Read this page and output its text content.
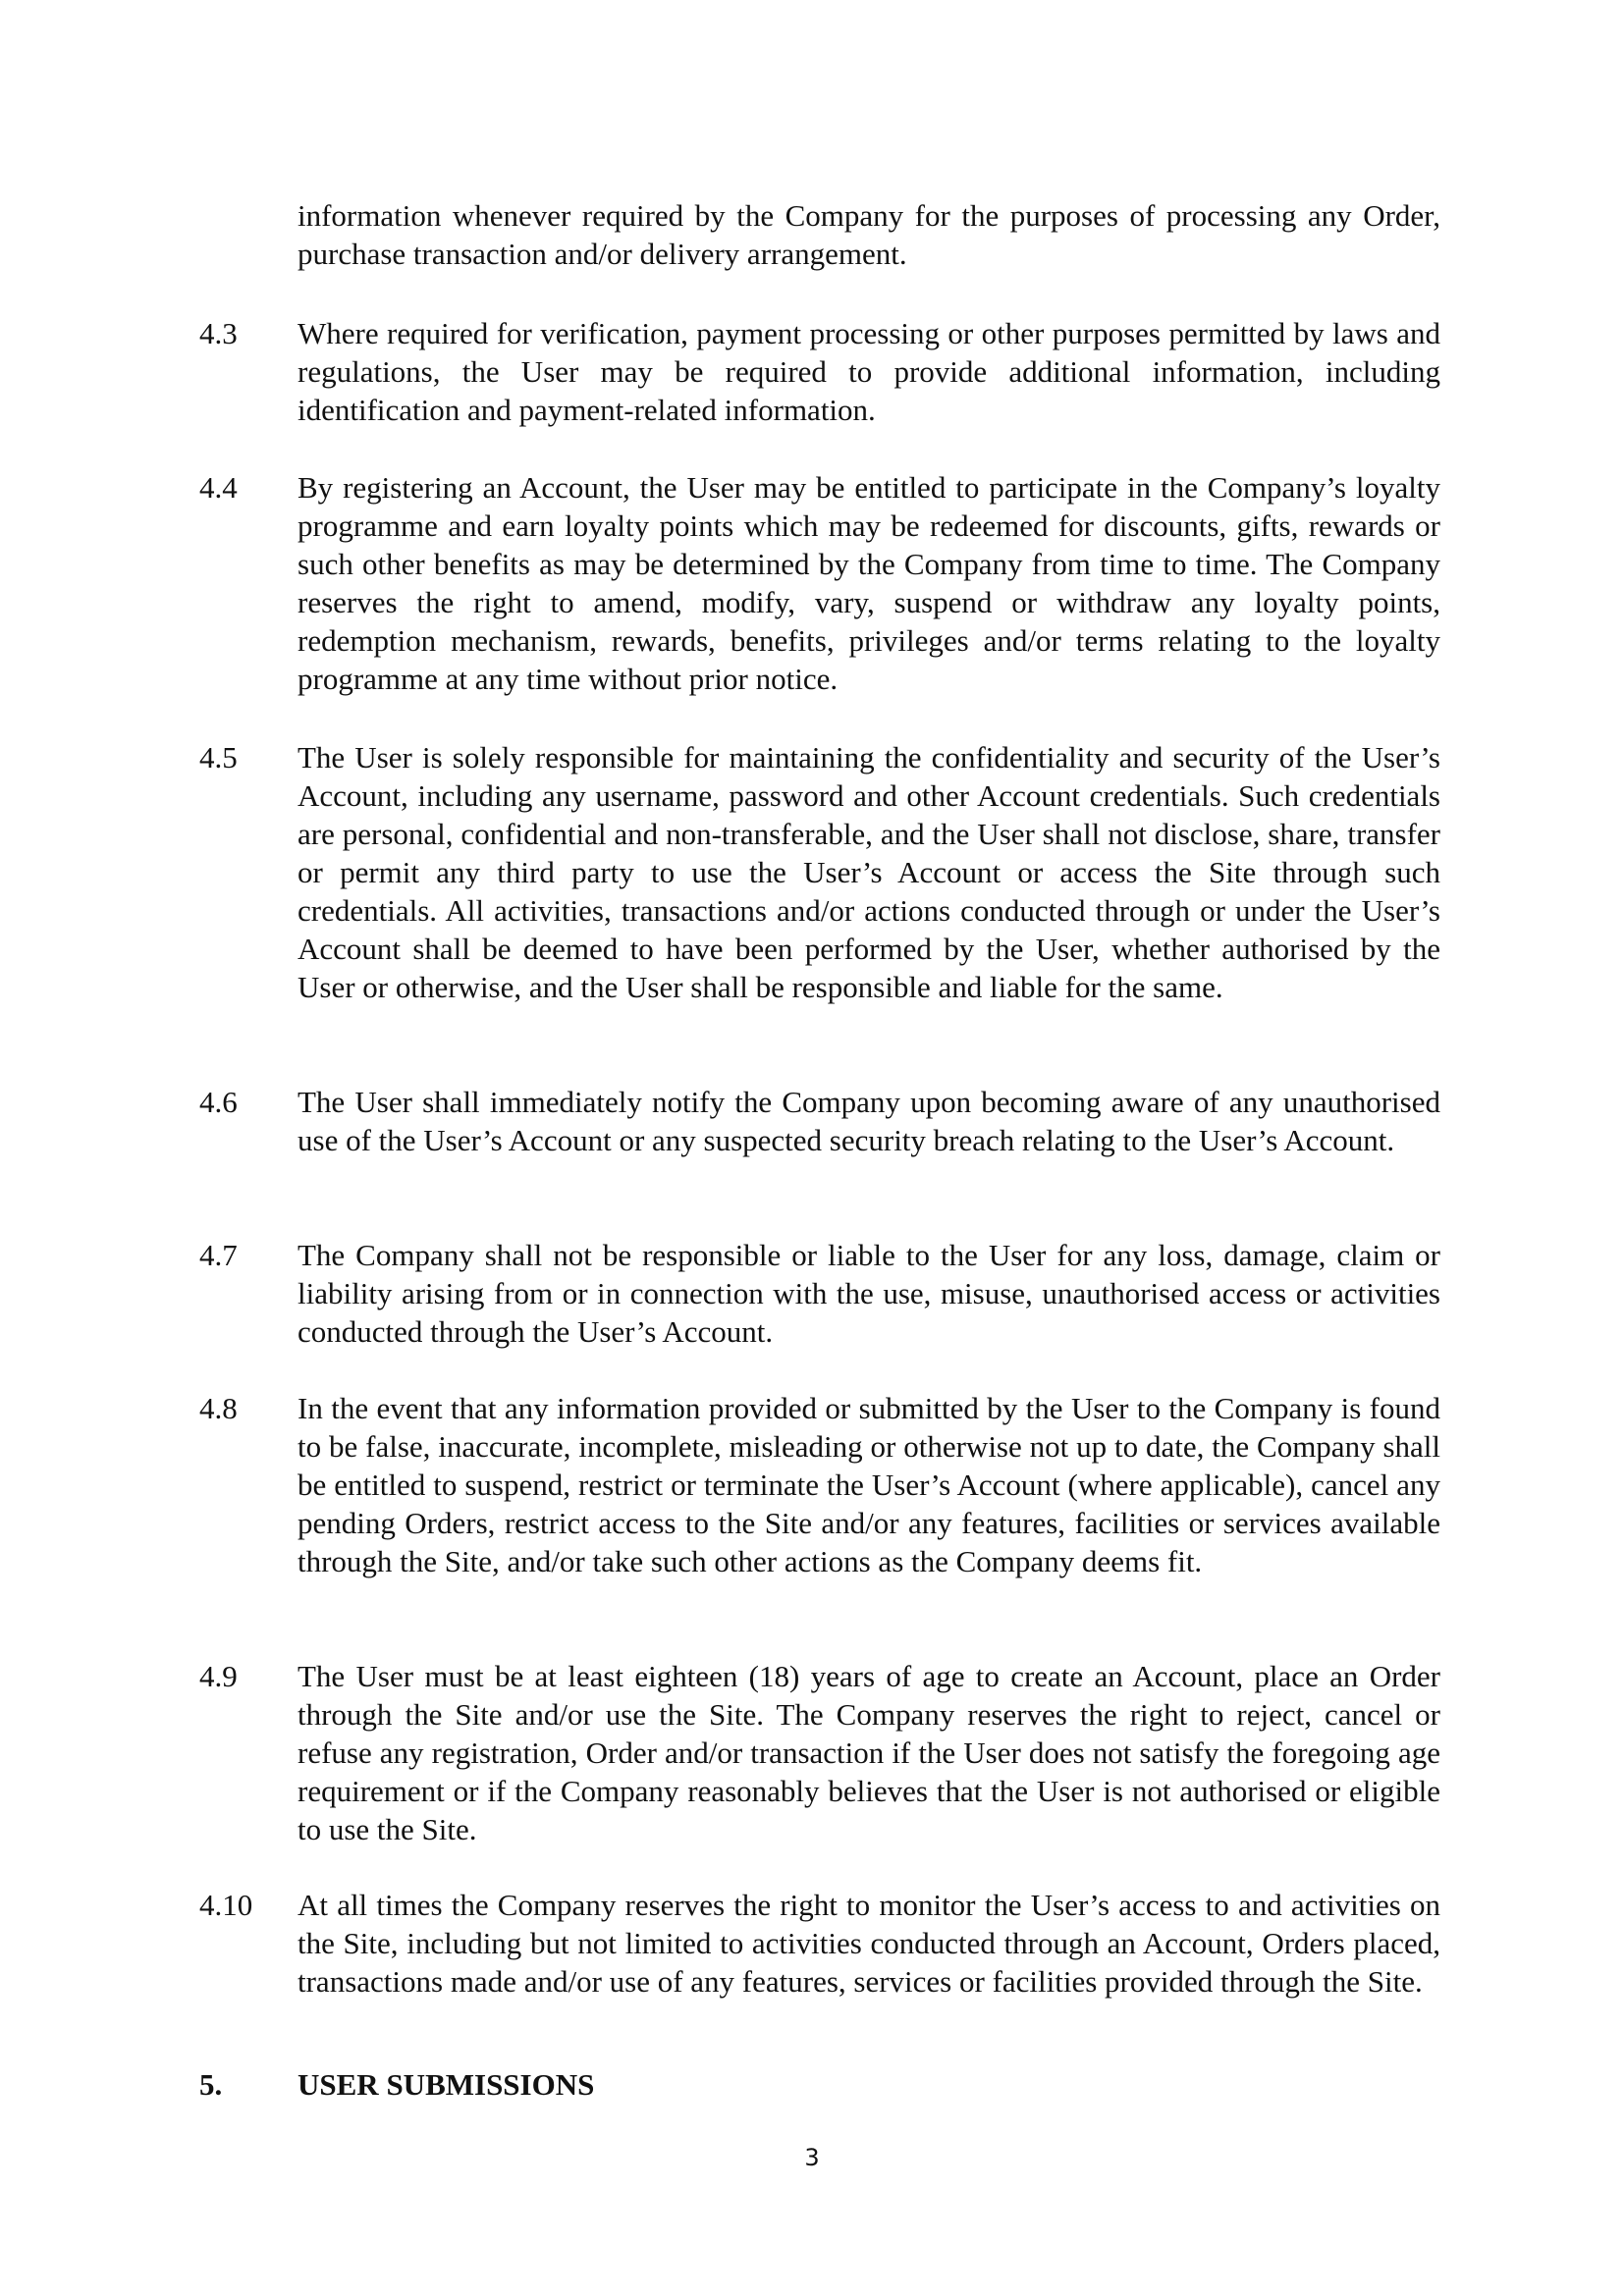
information whenever required by the Company for the purposes of processing any Order, purchase transaction and/or delivery arrangement.

4.3	Where required for verification, payment processing or other purposes permitted by laws and regulations, the User may be required to provide additional information, including identification and payment-related information.

4.4	By registering an Account, the User may be entitled to participate in the Company’s loyalty programme and earn loyalty points which may be redeemed for discounts, gifts, rewards or such other benefits as may be determined by the Company from time to time. The Company reserves the right to amend, modify, vary, suspend or withdraw any loyalty points, redemption mechanism, rewards, benefits, privileges and/or terms relating to the loyalty programme at any time without prior notice.

4.5	The User is solely responsible for maintaining the confidentiality and security of the User’s Account, including any username, password and other Account credentials. Such credentials are personal, confidential and non-transferable, and the User shall not disclose, share, transfer or permit any third party to use the User’s Account or access the Site through such credentials. All activities, transactions and/or actions conducted through or under the User’s Account shall be deemed to have been performed by the User, whether authorised by the User or otherwise, and the User shall be responsible and liable for the same.

4.6	The User shall immediately notify the Company upon becoming aware of any unauthorised use of the User’s Account or any suspected security breach relating to the User’s Account.

4.7	The Company shall not be responsible or liable to the User for any loss, damage, claim or liability arising from or in connection with the use, misuse, unauthorised access or activities conducted through the User’s Account.

4.8	In the event that any information provided or submitted by the User to the Company is found to be false, inaccurate, incomplete, misleading or otherwise not up to date, the Company shall be entitled to suspend, restrict or terminate the User’s Account (where applicable), cancel any pending Orders, restrict access to the Site and/or any features, facilities or services available through the Site, and/or take such other actions as the Company deems fit.

4.9	The User must be at least eighteen (18) years of age to create an Account, place an Order through the Site and/or use the Site. The Company reserves the right to reject, cancel or refuse any registration, Order and/or transaction if the User does not satisfy the foregoing age requirement or if the Company reasonably believes that the User is not authorised or eligible to use the Site.

4.10	At all times the Company reserves the right to monitor the User’s access to and activities on the Site, including but not limited to activities conducted through an Account, Orders placed, transactions made and/or use of any features, services or facilities provided through the Site.

5.	USER SUBMISSIONS
3
